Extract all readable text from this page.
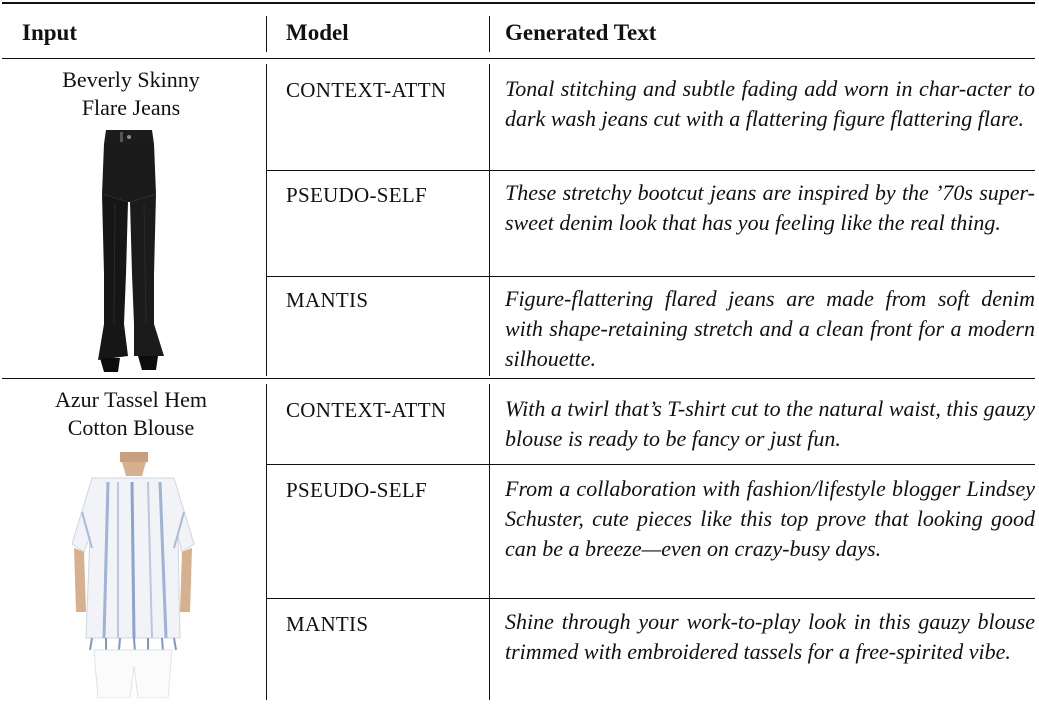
Input	Model	Generated Text
Beverly Skinny
Flare Jeans
CONTEXT-ATTN	Tonal stitching and subtle fading add worn in char-acter to dark wash jeans cut with a flattering figure flattering flare.
PSEUDO-SELF	These stretchy bootcut jeans are inspired by the ’70s super-sweet denim look that has you feeling like the real thing.
MANTIS	Figure-flattering flared jeans are made from soft denim with shape-retaining stretch and a clean front for a modern silhouette.
Azur Tassel Hem
Cotton Blouse
CONTEXT-ATTN	With a twirl that’s T-shirt cut to the natural waist, this gauzy blouse is ready to be fancy or just fun.
PSEUDO-SELF	From a collaboration with fashion/lifestyle blogger Lindsey Schuster, cute pieces like this top prove that looking good can be a breeze—even on crazy-busy days.
MANTIS	Shine through your work-to-play look in this gauzy blouse trimmed with embroidered tassels for a free-spirited vibe.
